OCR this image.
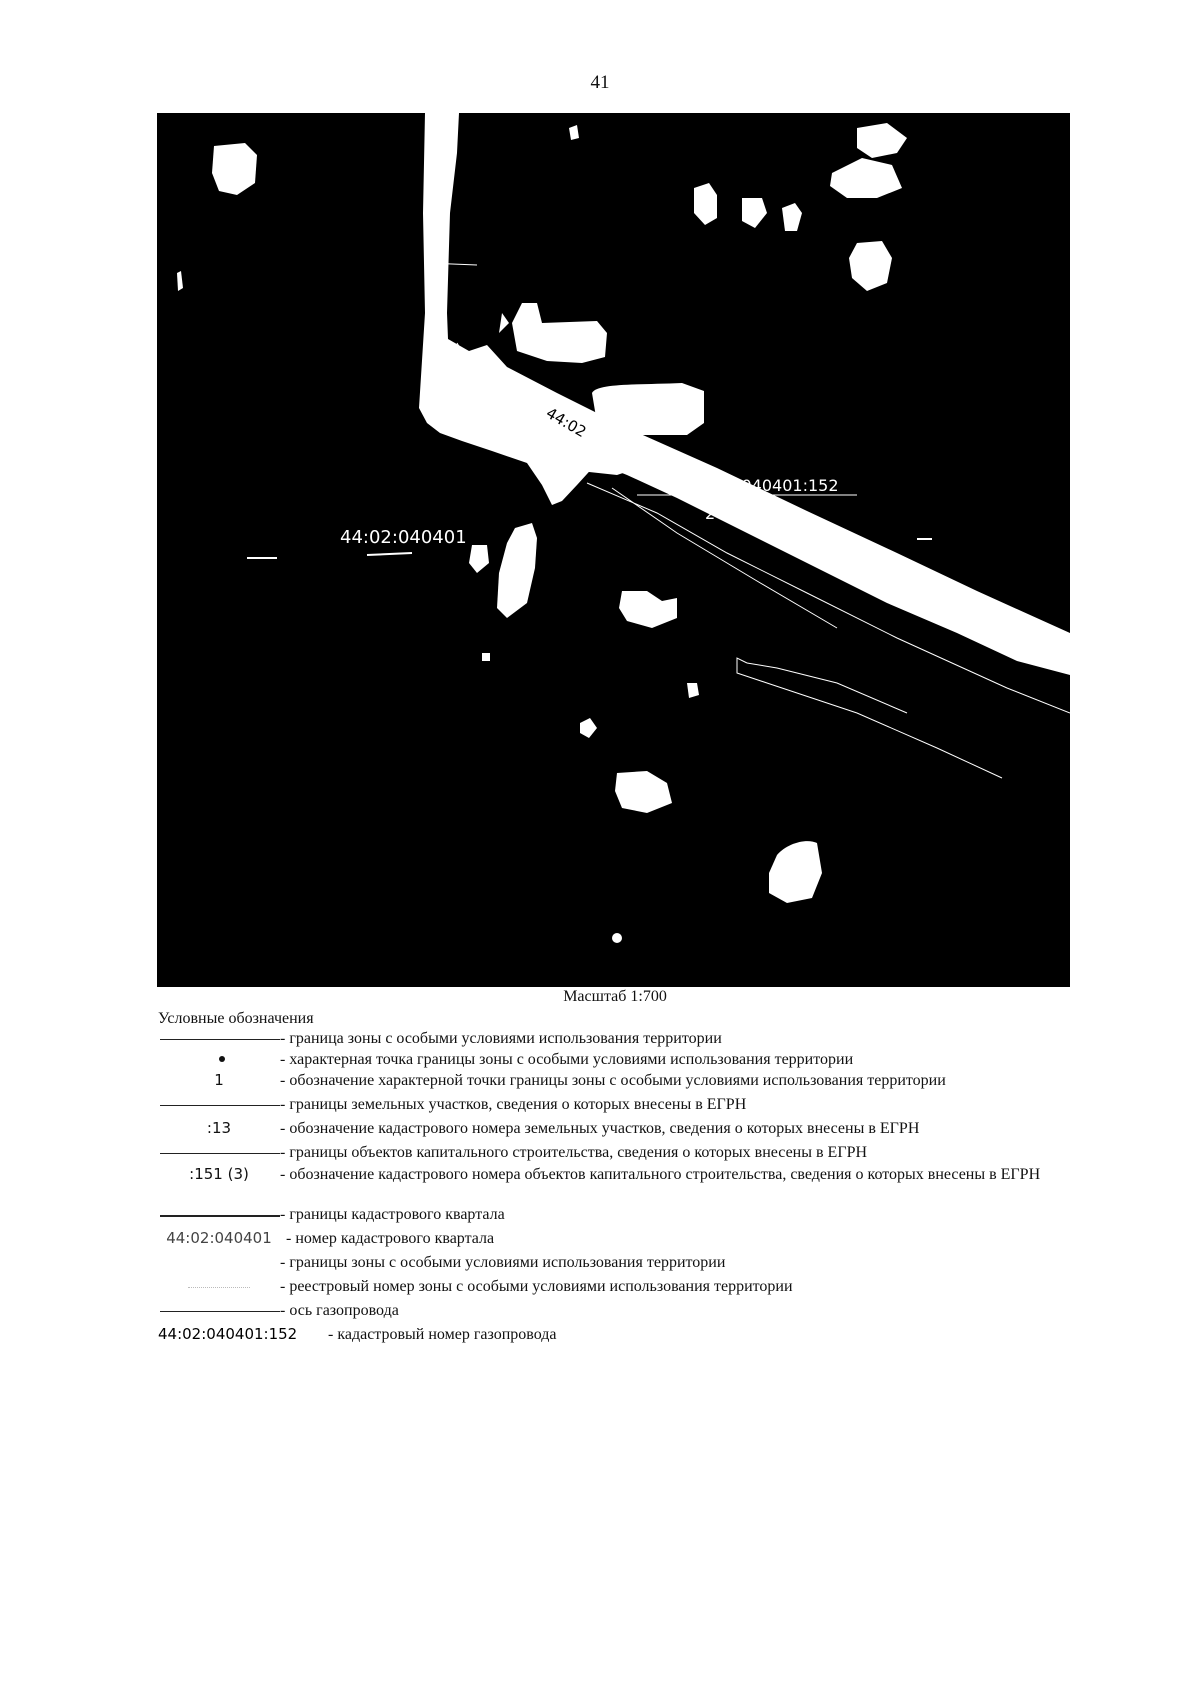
41
44:02:040401
44:02:040401:152
44:02
2
Масштаб 1:700
Условные обозначения
- граница зоны с особыми условиями использования территории
- характерная точка границы зоны с особыми условиями использования территории
1	- обозначение характерной точки границы зоны с особыми условиями использования территории
- границы земельных участков, сведения о которых внесены в ЕГРН
:13	- обозначение кадастрового номера земельных участков, сведения о которых внесены в ЕГРН
- границы объектов капитального строительства, сведения о которых внесены в ЕГРН
:151 (3)	- обозначение кадастрового номера объектов капитального строительства, сведения о которых внесены в ЕГРН
- границы кадастрового квартала
44:02:040401 - номер кадастрового квартала
- границы зоны с особыми условиями использования территории
- реестровый номер зоны с особыми условиями использования территории
- ось газопровода
44:02:040401:152	- кадастровый номер газопровода
